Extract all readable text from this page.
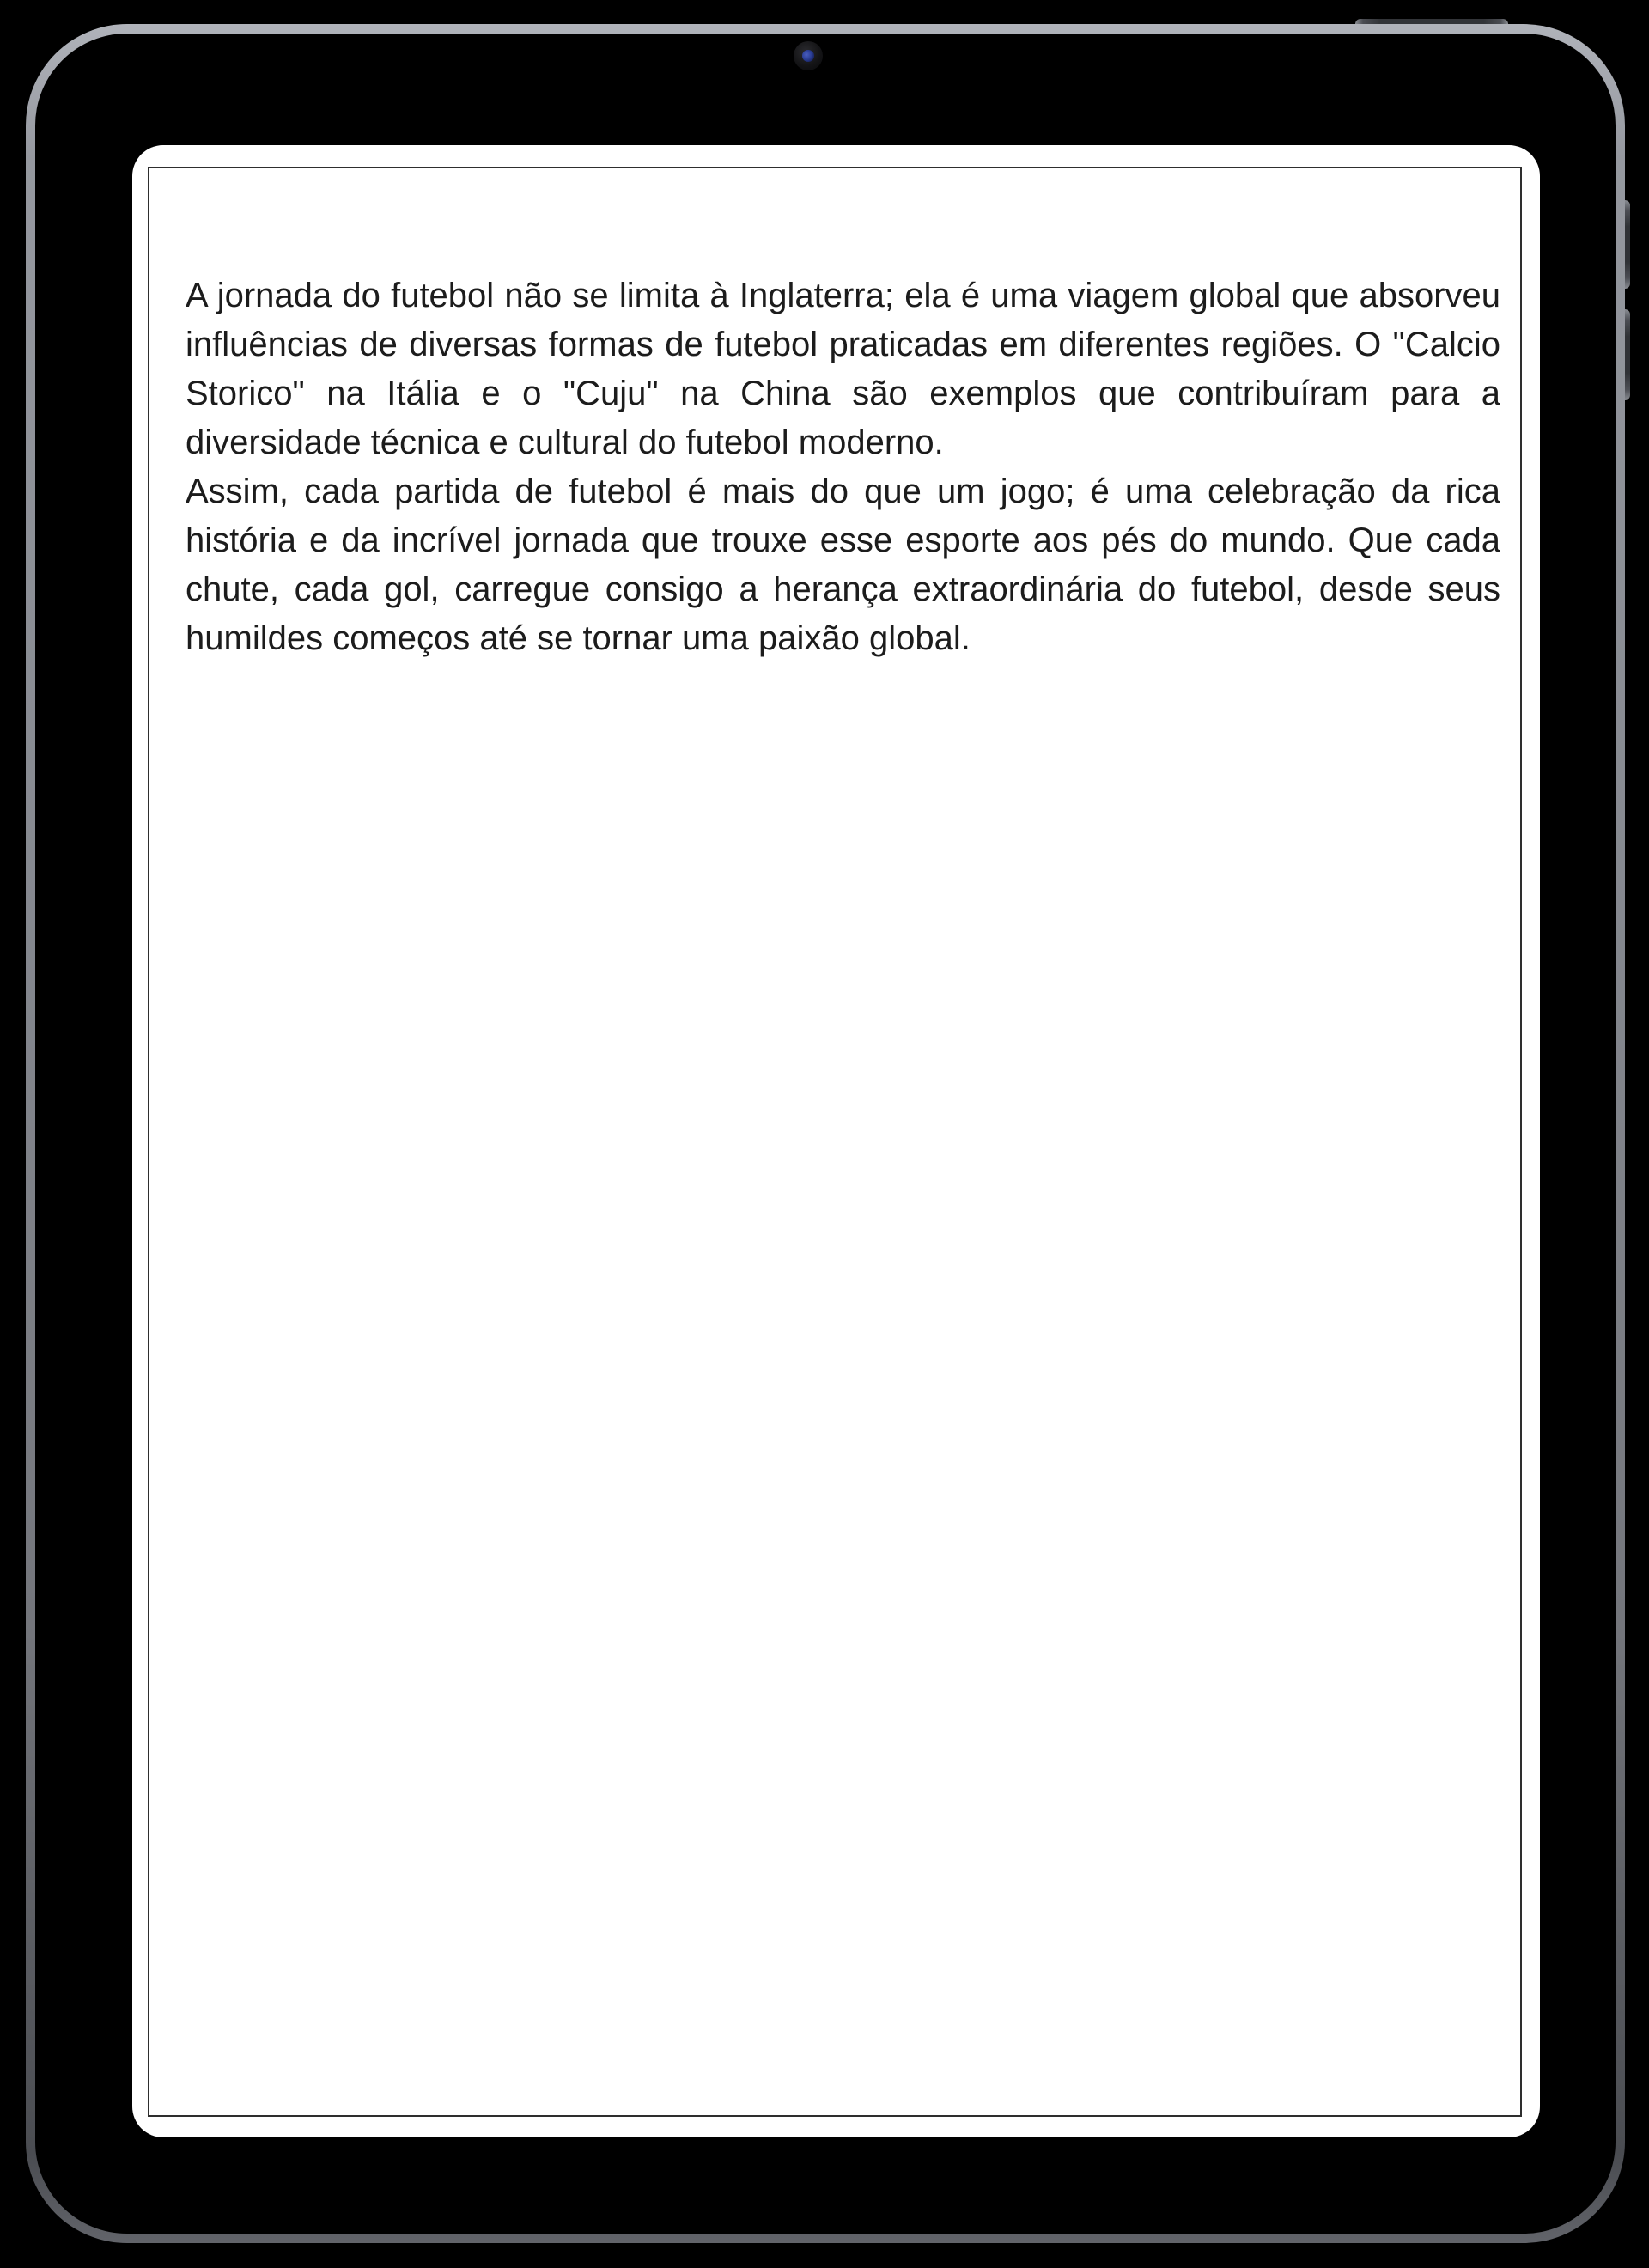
A jornada do futebol não se limita à Inglaterra; ela é uma viagem global que absorveu influências de diversas formas de futebol praticadas em diferentes regiões. O "Calcio Storico" na Itália e o "Cuju" na China são exemplos que contribuíram para a diversidade técnica e cultural do futebol moderno.

Assim, cada partida de futebol é mais do que um jogo; é uma celebração da rica história e da incrível jornada que trouxe esse esporte aos pés do mundo. Que cada chute, cada gol, carregue consigo a herança extraordinária do futebol, desde seus humildes começos até se tornar uma paixão global.
